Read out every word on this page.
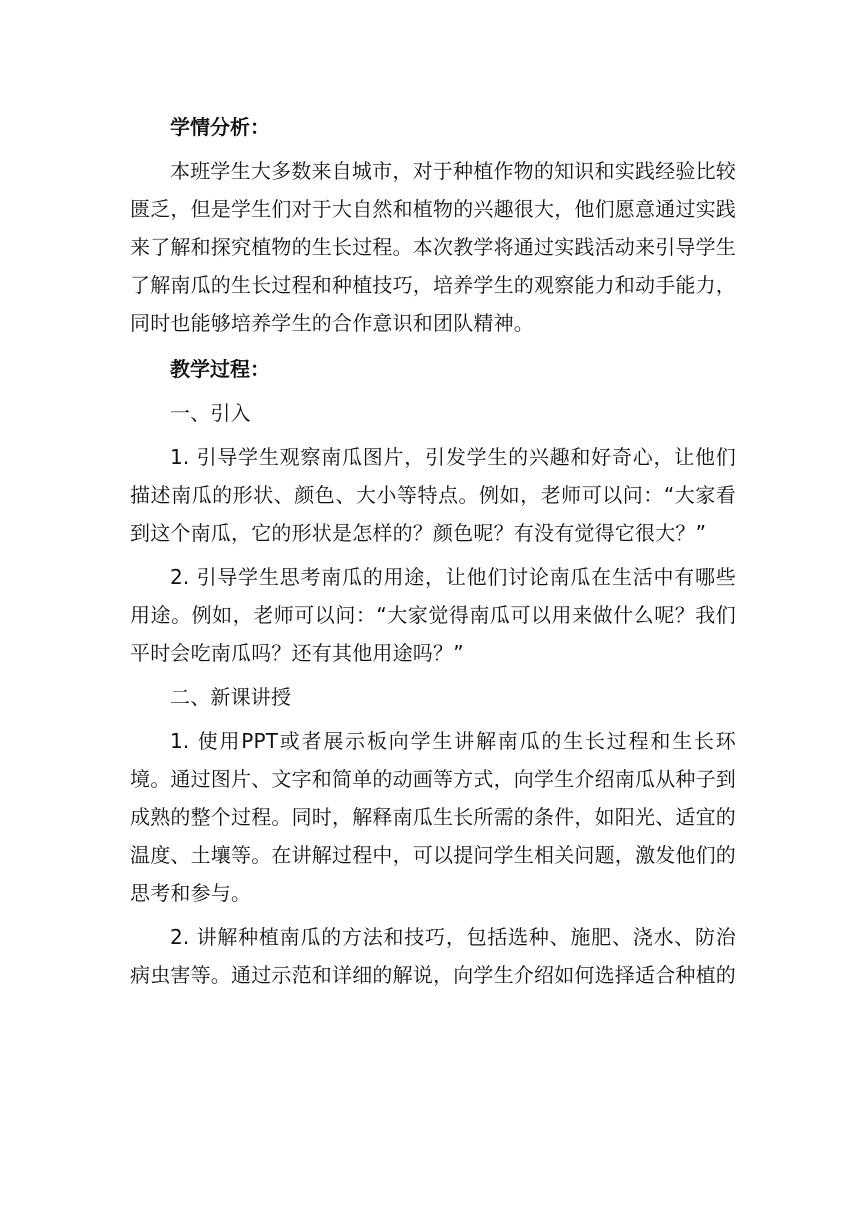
学情分析：

本班学生大多数来自城市，对于种植作物的知识和实践经验比较匮乏，但是学生们对于大自然和植物的兴趣很大，他们愿意通过实践来了解和探究植物的生长过程。本次教学将通过实践活动来引导学生了解南瓜的生长过程和种植技巧，培养学生的观察能力和动手能力，同时也能够培养学生的合作意识和团队精神。

教学过程：

一、引入

1. 引导学生观察南瓜图片，引发学生的兴趣和好奇心，让他们描述南瓜的形状、颜色、大小等特点。例如，老师可以问：“大家看到这个南瓜，它的形状是怎样的？颜色呢？有没有觉得它很大？”

2. 引导学生思考南瓜的用途，让他们讨论南瓜在生活中有哪些用途。例如，老师可以问：“大家觉得南瓜可以用来做什么呢？我们平时会吃南瓜吗？还有其他用途吗？”

二、新课讲授

1. 使用PPT或者展示板向学生讲解南瓜的生长过程和生长环境。通过图片、文字和简单的动画等方式，向学生介绍南瓜从种子到成熟的整个过程。同时，解释南瓜生长所需的条件，如阳光、适宜的温度、土壤等。在讲解过程中，可以提问学生相关问题，激发他们的思考和参与。

2. 讲解种植南瓜的方法和技巧，包括选种、施肥、浇水、防治病虫害等。通过示范和详细的解说，向学生介绍如何选择适合种植的
